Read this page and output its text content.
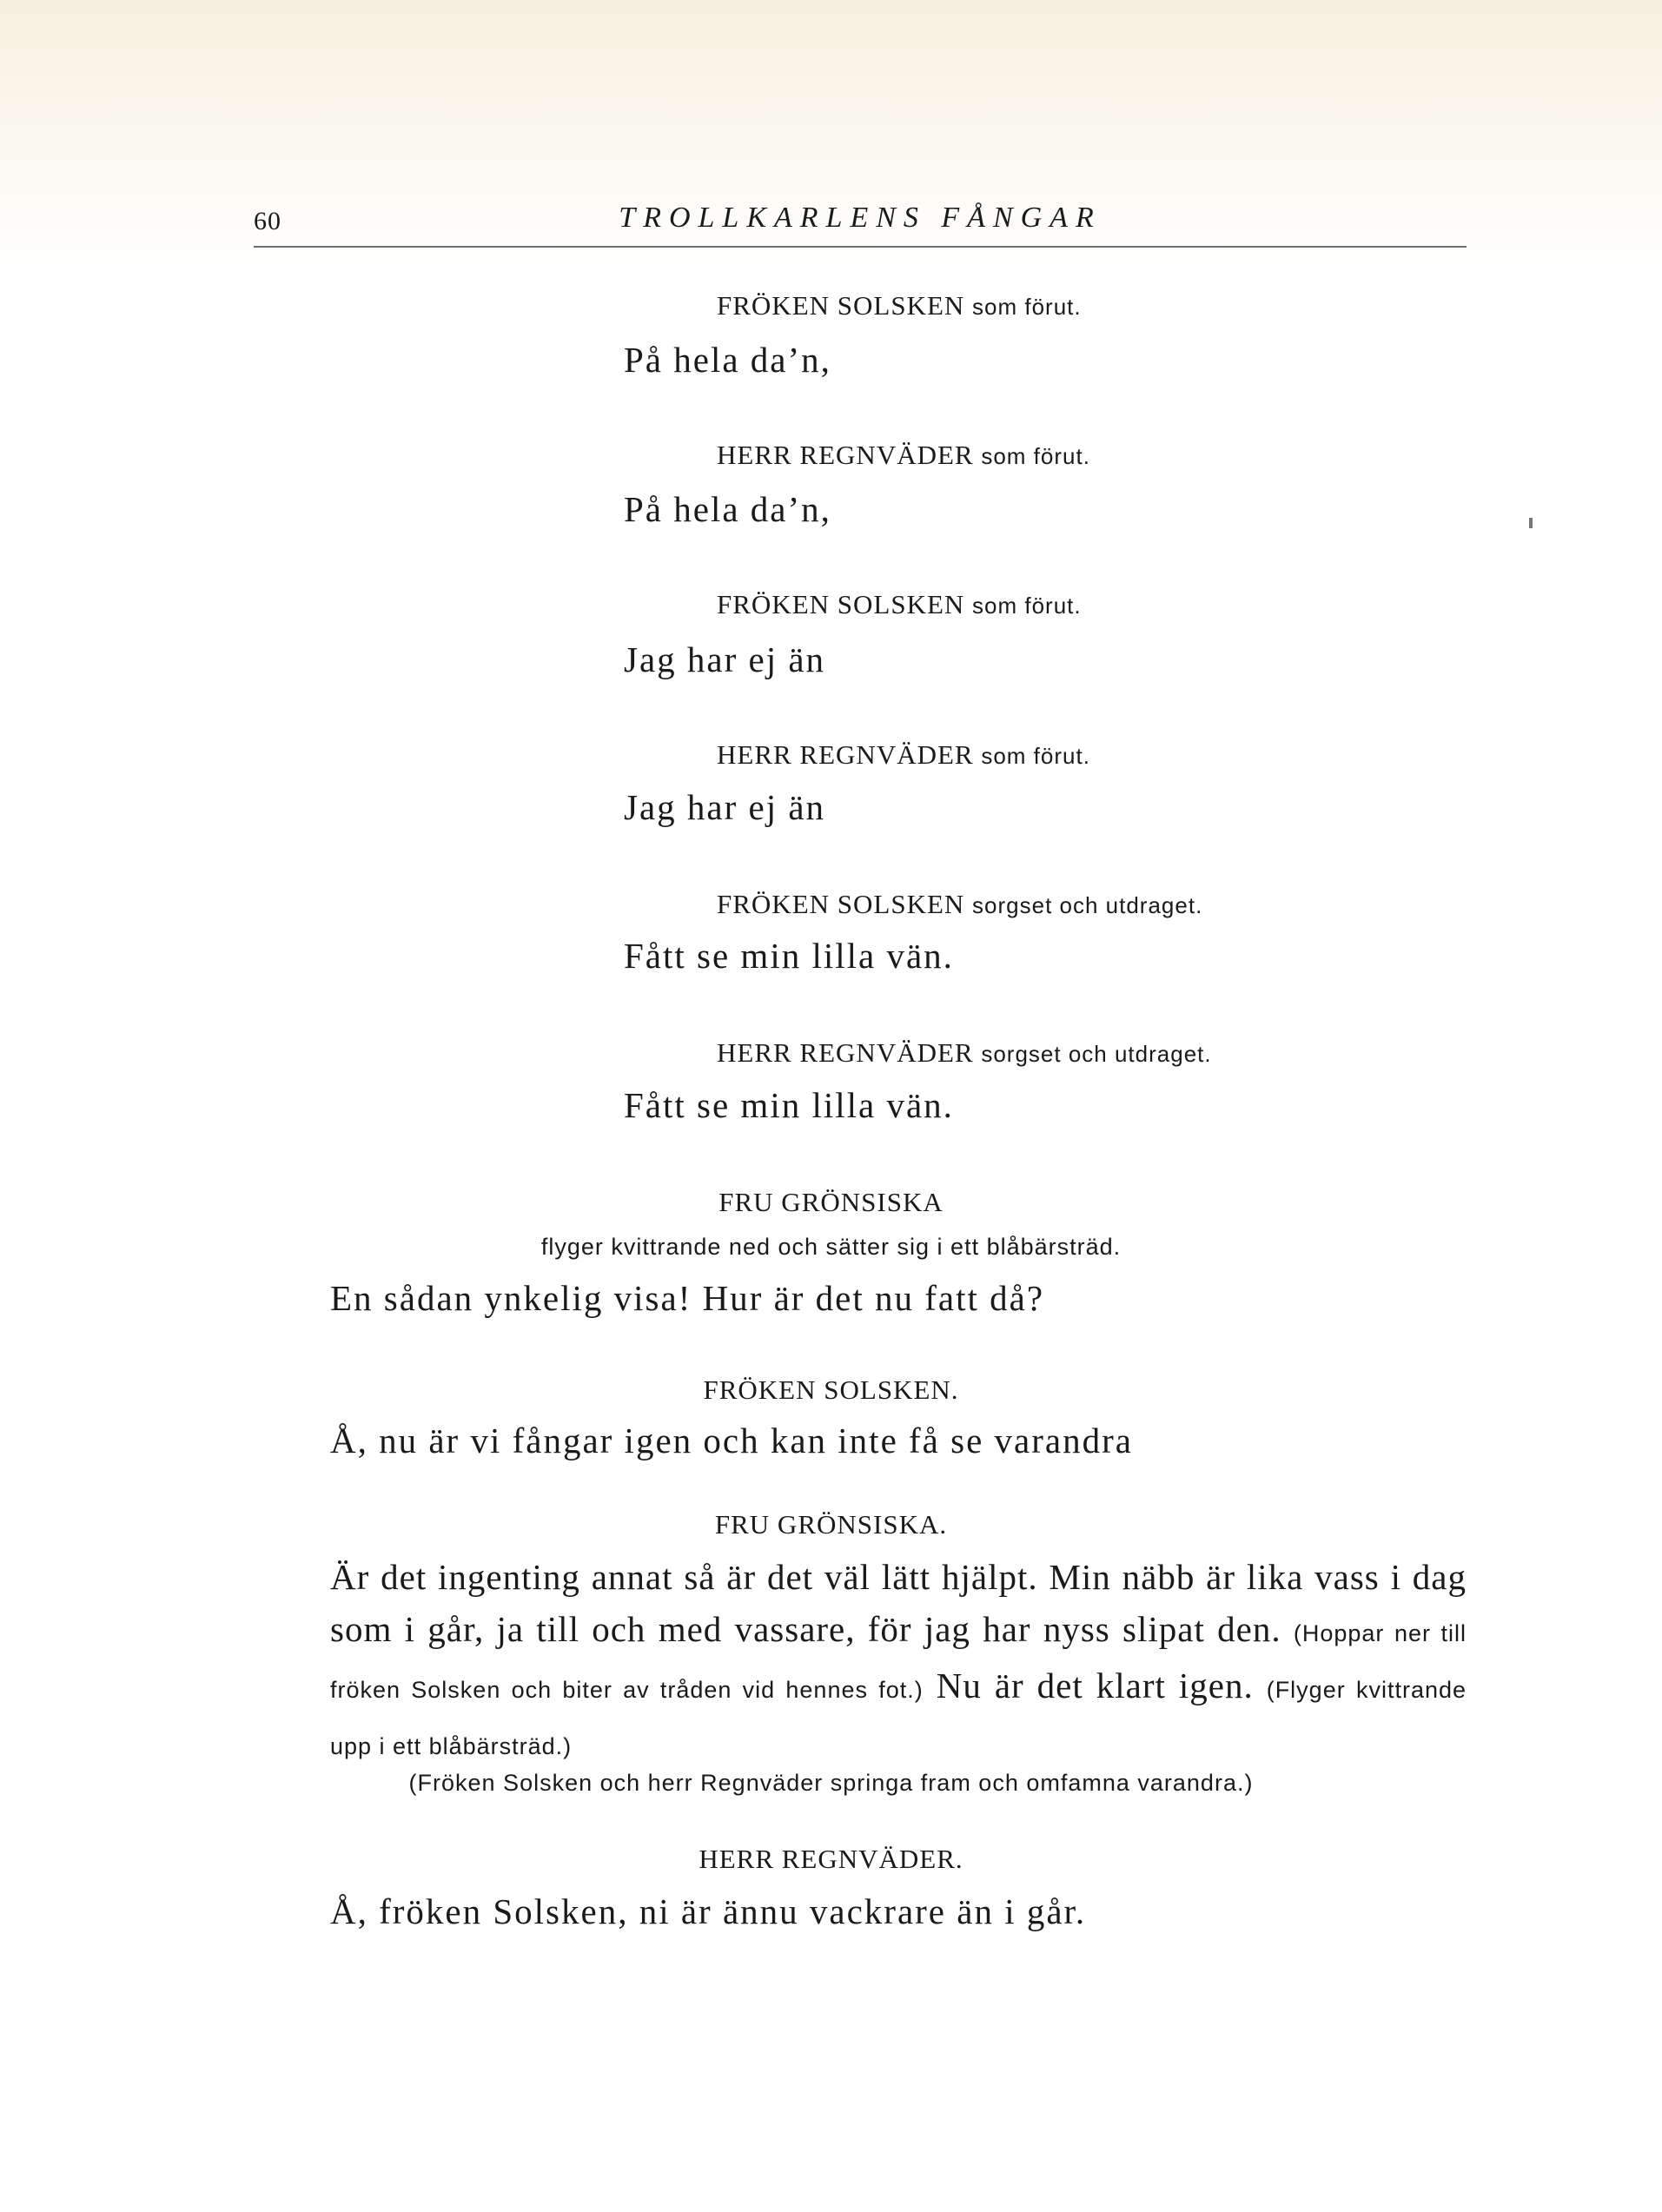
60	TROLLKARLENS FÅNGAR
FRÖKEN SOLSKEN som förut.
På hela da’n,
HERR REGNVÄDER som förut.
På hela da’n,
FRÖKEN SOLSKEN som förut.
Jag har ej än
HERR REGNVÄDER som förut.
Jag har ej än
FRÖKEN SOLSKEN sorgset och utdraget.
Fått se min lilla vän.
HERR REGNVÄDER sorgset och utdraget.
Fått se min lilla vän.
FRU GRÖNSISKA
flyger kvittrande ned och sätter sig i ett blåbärsträd.
En sådan ynkelig visa! Hur är det nu fatt då?
FRÖKEN SOLSKEN.
Å, nu är vi fångar igen och kan inte få se varandra
FRU GRÖNSISKA.

Är det ingenting annat så är det väl lätt hjälpt. Min näbb är lika vass i dag som i går, ja till och med vassare, för jag har nyss slipat den. (Hoppar ner till fröken Solsken och biter av tråden vid hennes fot.) Nu är det klart igen. (Flyger kvittrande upp i ett blåbärsträd.)

(Fröken Solsken och herr Regnväder springa fram och omfamna varandra.)
HERR REGNVÄDER.
Å, fröken Solsken, ni är ännu vackrare än i går.
